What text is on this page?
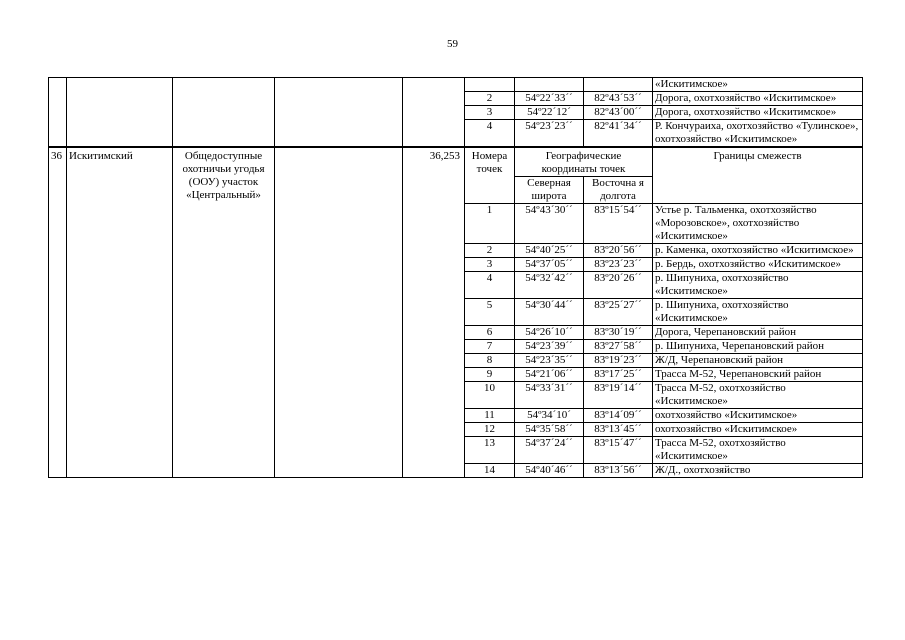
59
								«Искитимское»
					2	54º22´33´´	82º43´53´´	Дорога, охотхозяйство «Искитимское»
					3	54º22´12´	82º43´00´´	Дорога, охотхозяйство «Искитимское»
					4	54º23´23´´	82º41´34´´	Р. Кончураиха, охотхозяйство «Тулинское», охотхозяйство «Искитимское»
36	Искитимский	Общедоступные охотничьи угодья (ООУ) участок «Центральный»		36,253	Номера точек	Географические координаты точек		Границы смежеств
						Северная широта	Восточна я долгота	
					1	54º43´30´´	83º15´54´´	Устье р. Тальменка, охотхозяйство «Морозовское», охотхозяйство «Искитимское»
					2	54º40´25´´	83º20´56´´	р. Каменка, охотхозяйство «Искитимское»
					3	54º37´05´´	83º23´23´´	р. Бердь, охотхозяйство «Искитимское»
					4	54º32´42´´	83º20´26´´	р. Шипуниха, охотхозяйство «Искитимское»
					5	54º30´44´´	83º25´27´´	р. Шипуниха, охотхозяйство «Искитимское»
					6	54º26´10´´	83º30´19´´	Дорога, Черепановский район
					7	54º23´39´´	83º27´58´´	р. Шипуниха, Черепановский район
					8	54º23´35´´	83º19´23´´	Ж/Д, Черепановский район
					9	54º21´06´´	83º17´25´´	Трасса М-52, Черепановский район
					10	54º33´31´´	83º19´14´´	Трасса М-52, охотхозяйство «Искитимское»
					11	54º34´10´	83º14´09´´	охотхозяйство «Искитимское»
					12	54º35´58´´	83º13´45´´	охотхозяйство «Искитимское»
					13	54º37´24´´	83º15´47´´	Трасса М-52, охотхозяйство «Искитимское»
					14	54º40´46´´	83º13´56´´	Ж/Д., охотхозяйство
